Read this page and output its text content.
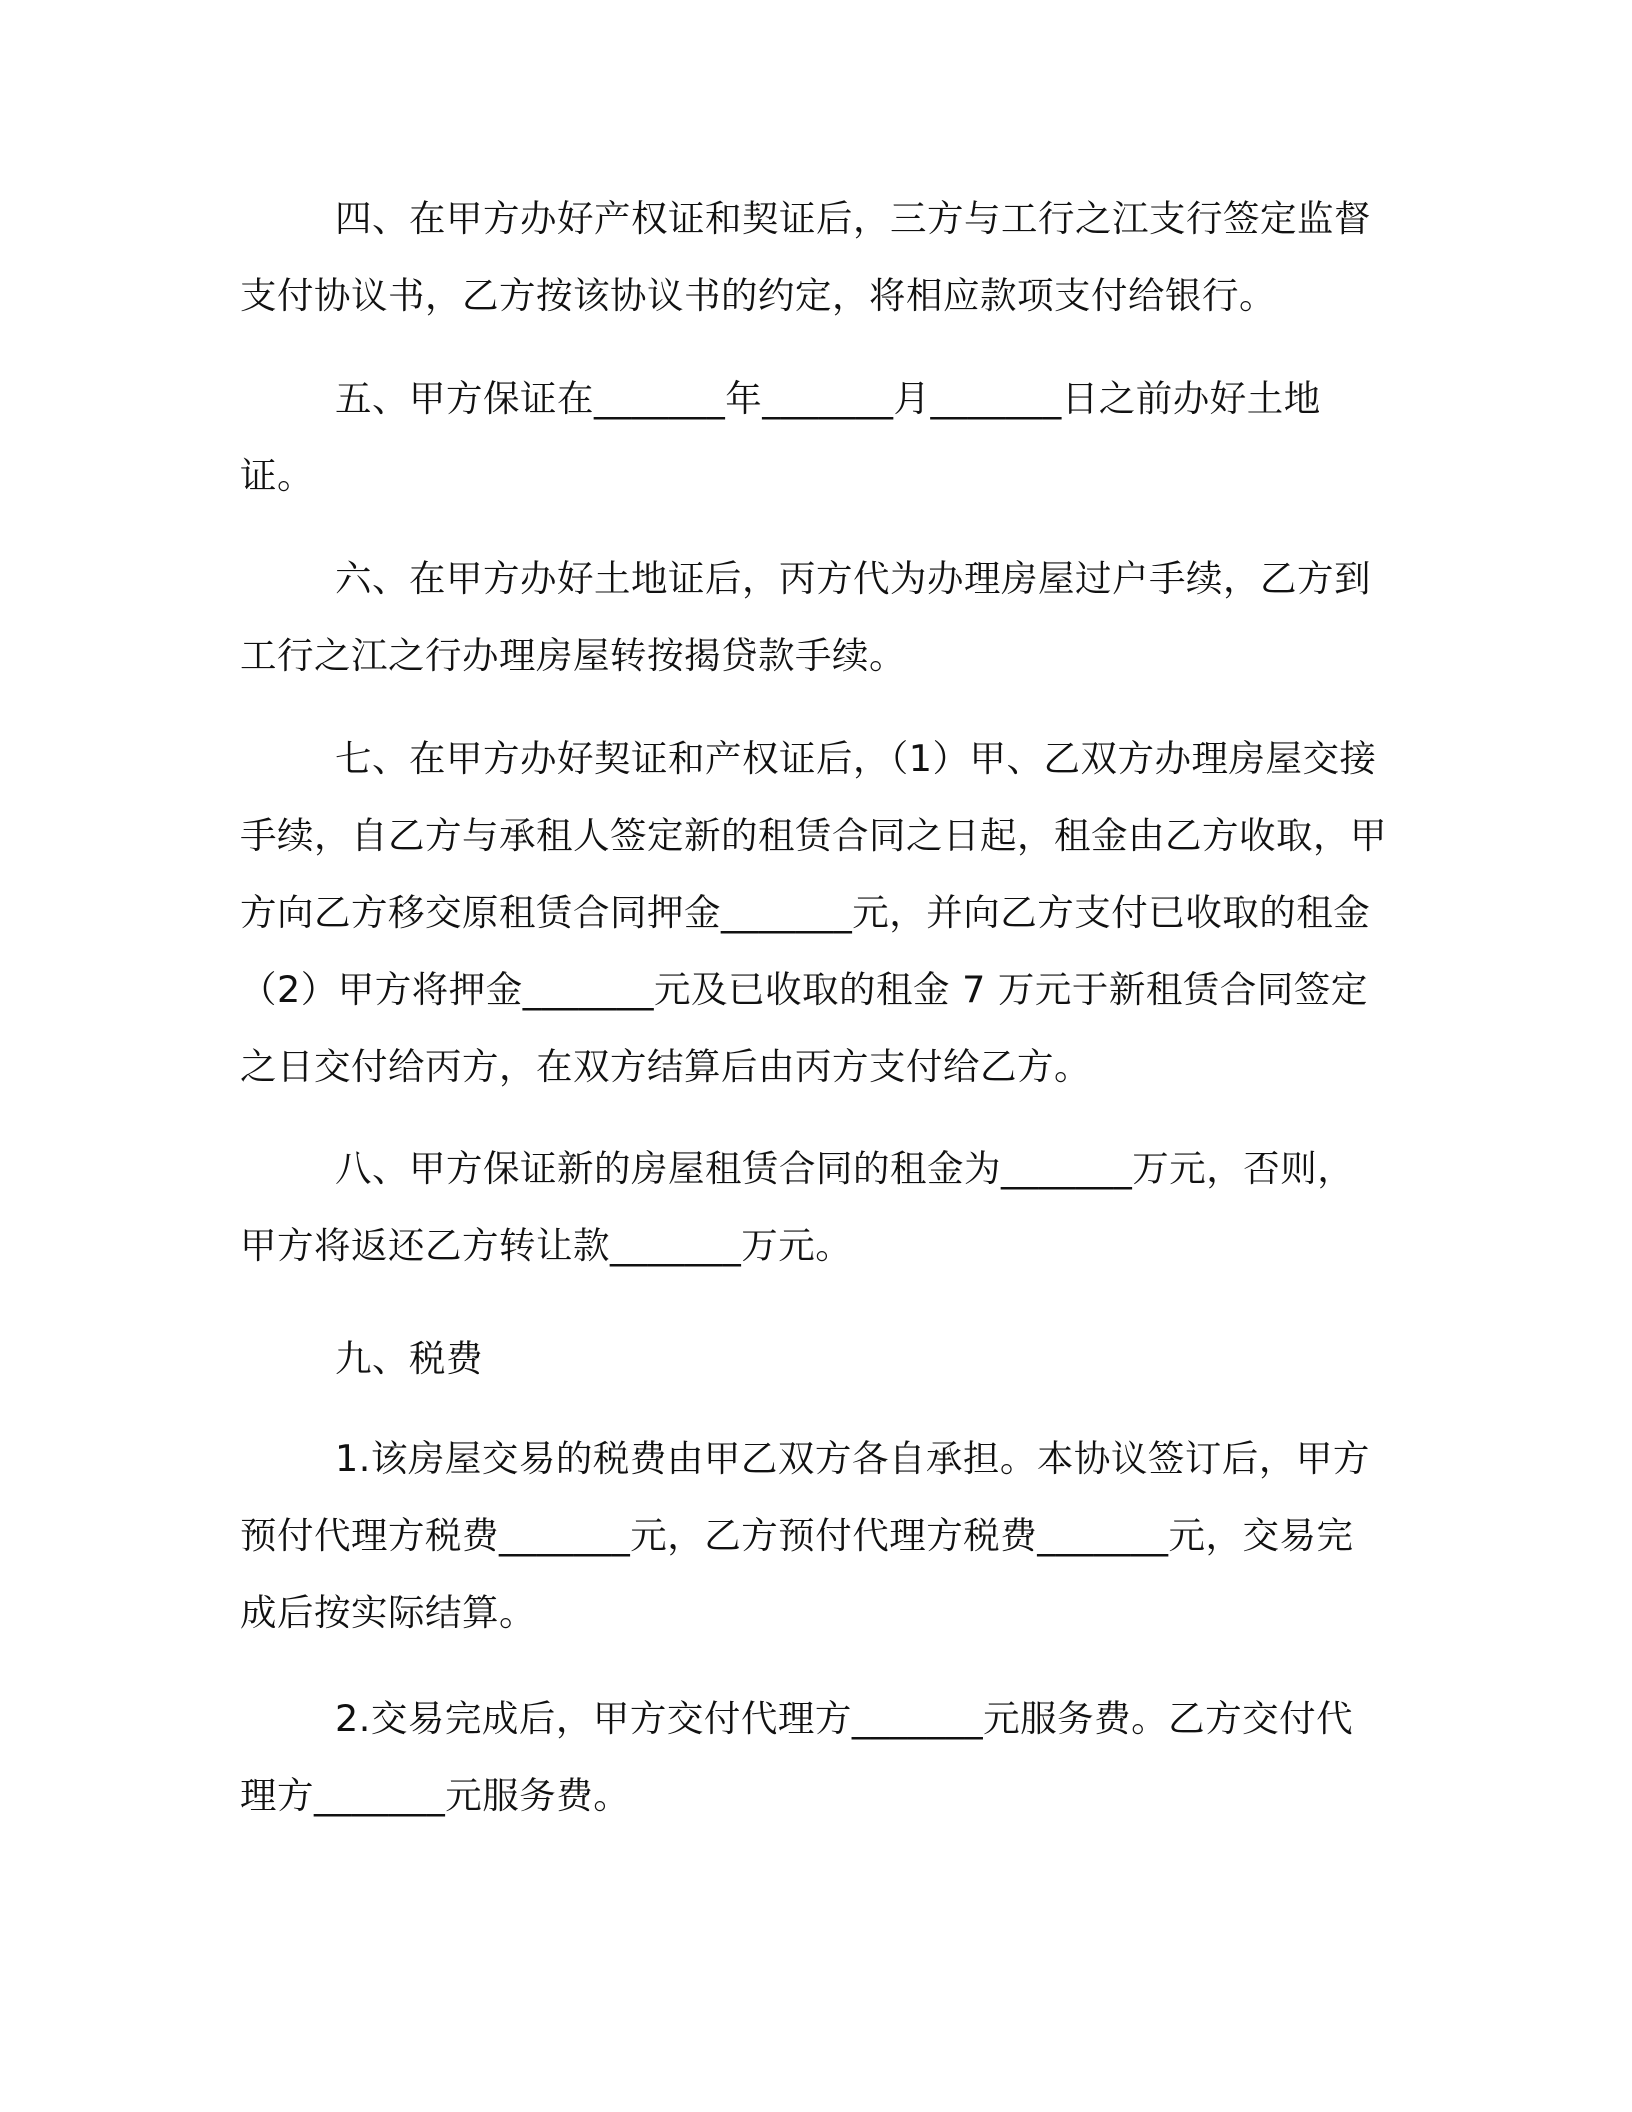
四、在甲方办好产权证和契证后，三方与工行之江支行签定监督支付协议书，乙方按该协议书的约定，将相应款项支付给银行。

五、甲方保证在_______年_______月_______日之前办好土地证。

六、在甲方办好土地证后，丙方代为办理房屋过户手续，乙方到工行之江之行办理房屋转按揭贷款手续。

七、在甲方办好契证和产权证后，（1）甲、乙双方办理房屋交接手续，自乙方与承租人签定新的租赁合同之日起，租金由乙方收取，甲方向乙方移交原租赁合同押金_______元，并向乙方支付已收取的租金（2）甲方将押金_______元及已收取的租金 7 万元于新租赁合同签定之日交付给丙方，在双方结算后由丙方支付给乙方。

八、甲方保证新的房屋租赁合同的租金为_______万元，否则，甲方将返还乙方转让款_______万元。

九、税费

1.该房屋交易的税费由甲乙双方各自承担。本协议签订后，甲方预付代理方税费_______元，乙方预付代理方税费_______元，交易完成后按实际结算。

2.交易完成后，甲方交付代理方_______元服务费。乙方交付代理方_______元服务费。
